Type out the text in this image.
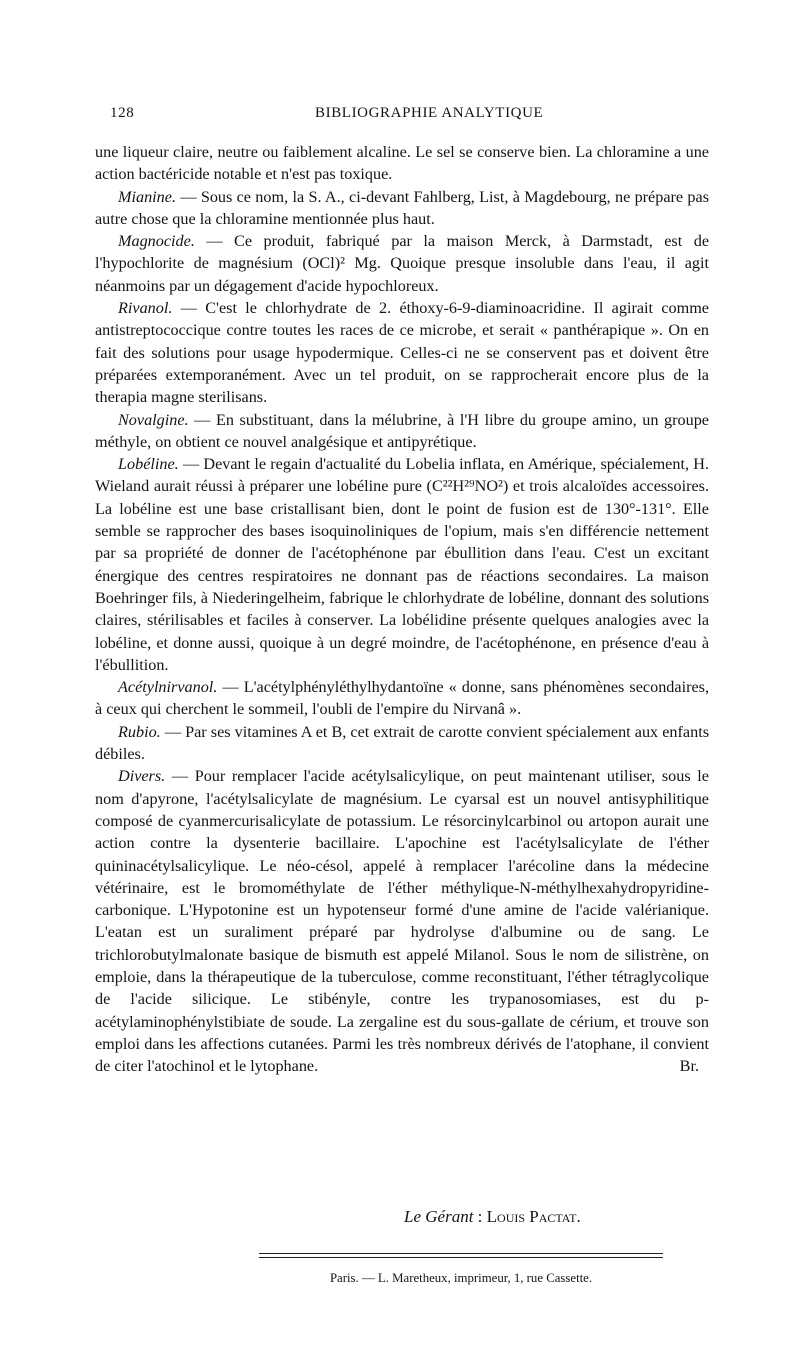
128	BIBLIOGRAPHIE ANALYTIQUE

une liqueur claire, neutre ou faiblement alcaline. Le sel se conserve bien. La chloramine a une action bactéricide notable et n'est pas toxique.

Mianine. — Sous ce nom, la S. A., ci-devant Fahlberg, List, à Magdebourg, ne prépare pas autre chose que la chloramine mentionnée plus haut.

Magnocide. — Ce produit, fabriqué par la maison Merck, à Darmstadt, est de l'hypochlorite de magnésium (OCl)² Mg. Quoique presque insoluble dans l'eau, il agit néanmoins par un dégagement d'acide hypochloreux.

Rivanol. — C'est le chlorhydrate de 2. éthoxy-6-9-diaminoacridine. Il agirait comme antistreptococcique contre toutes les races de ce microbe, et serait « panthérapique ». On en fait des solutions pour usage hypodermique. Celles-ci ne se conservent pas et doivent être préparées extemporanément. Avec un tel produit, on se rapprocherait encore plus de la therapia magne sterilisans.

Novalgine. — En substituant, dans la mélubrine, à l'H libre du groupe amino, un groupe méthyle, on obtient ce nouvel analgésique et antipyrétique.

Lobéline. — Devant le regain d'actualité du Lobelia inflata, en Amérique, spécialement, H. Wieland aurait réussi à préparer une lobéline pure (C²²H²⁹NO²) et trois alcaloïdes accessoires. La lobéline est une base cristallisant bien, dont le point de fusion est de 130°-131°. Elle semble se rapprocher des bases isoquinoliniques de l'opium, mais s'en différencie nettement par sa propriété de donner de l'acétophénone par ébullition dans l'eau. C'est un excitant énergique des centres respiratoires ne donnant pas de réactions secondaires. La maison Boehringer fils, à Niederingelheim, fabrique le chlorhydrate de lobéline, donnant des solutions claires, stérilisables et faciles à conserver. La lobélidine présente quelques analogies avec la lobéline, et donne aussi, quoique à un degré moindre, de l'acétophénone, en présence d'eau à l'ébullition.

Acétylnirvanol. — L'acétylphényléthylhydantoïne « donne, sans phénomènes secondaires, à ceux qui cherchent le sommeil, l'oubli de l'empire du Nirvanâ ».

Rubio. — Par ses vitamines A et B, cet extrait de carotte convient spécialement aux enfants débiles.

Divers. — Pour remplacer l'acide acétylsalicylique, on peut maintenant utiliser, sous le nom d'apyrone, l'acétylsalicylate de magnésium. Le cyarsal est un nouvel antisyphilitique composé de cyanmercurisalicylate de potassium. Le résorcinylcarbinol ou artopon aurait une action contre la dysenterie bacillaire. L'apochine est l'acétylsalicylate de l'éther quininacétylsalicylique. Le néo-césol, appelé à remplacer l'arécoline dans la médecine vétérinaire, est le bromométhylate de l'éther méthylique-N-méthylhexahydropyridine-carbonique. L'Hypotonine est un hypotenseur formé d'une amine de l'acide valérianique. L'eatan est un suraliment préparé par hydrolyse d'albumine ou de sang. Le trichlorobutylmalonate basique de bismuth est appelé Milanol. Sous le nom de silistrène, on emploie, dans la thérapeutique de la tuberculose, comme reconstituant, l'éther tétraglycolique de l'acide silicique. Le stibényle, contre les trypanosomiases, est du p-acétylaminophénylstibiate de soude. La zergaline est du sous-gallate de cérium, et trouve son emploi dans les affections cutanées. Parmi les très nombreux dérivés de l'atophane, il convient de citer l'atochinol et le lytophane.	Br.

Le Gérant : Louis Pactat.
Paris. — L. Maretheux, imprimeur, 1, rue Cassette.
